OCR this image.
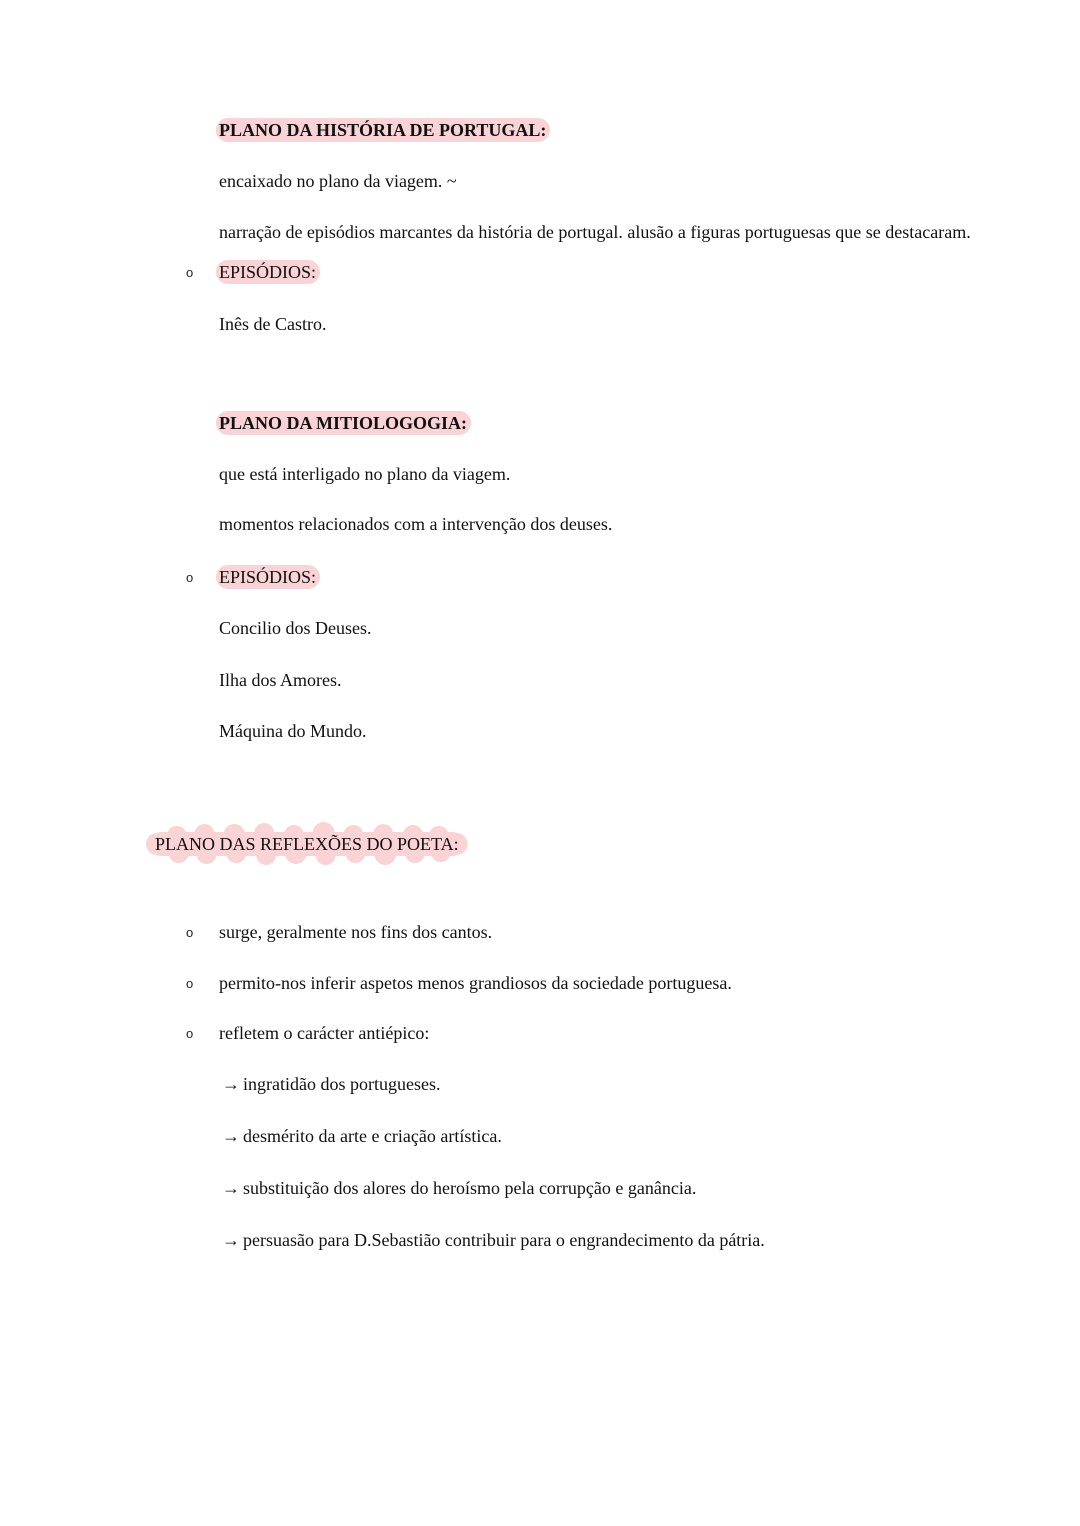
PLANO DA HISTÓRIA DE PORTUGAL:
encaixado no plano da viagem. ~
narração de episódios marcantes da história de portugal. alusão a figuras portuguesas que se destacaram.
o EPISÓDIOS:
Inês de Castro.
PLANO DA MITIOLOGOGIA:
que está interligado no plano da viagem.
momentos relacionados com a intervenção dos deuses.
o EPISÓDIOS:
Concilio dos Deuses.
Ilha dos Amores.
Máquina do Mundo.
PLANO DAS REFLEXÕES DO POETA:
o surge, geralmente nos fins dos cantos.
o permito-nos inferir aspetos menos grandiosos da sociedade portuguesa.
o refletem o carácter antiépico:
→ ingratidão dos portugueses.
→ desmérito da arte e criação artística.
→ substituição dos alores do heroísmo pela corrupção e ganância.
→ persuasão para D.Sebastião contribuir para o engrandecimento da pátria.
